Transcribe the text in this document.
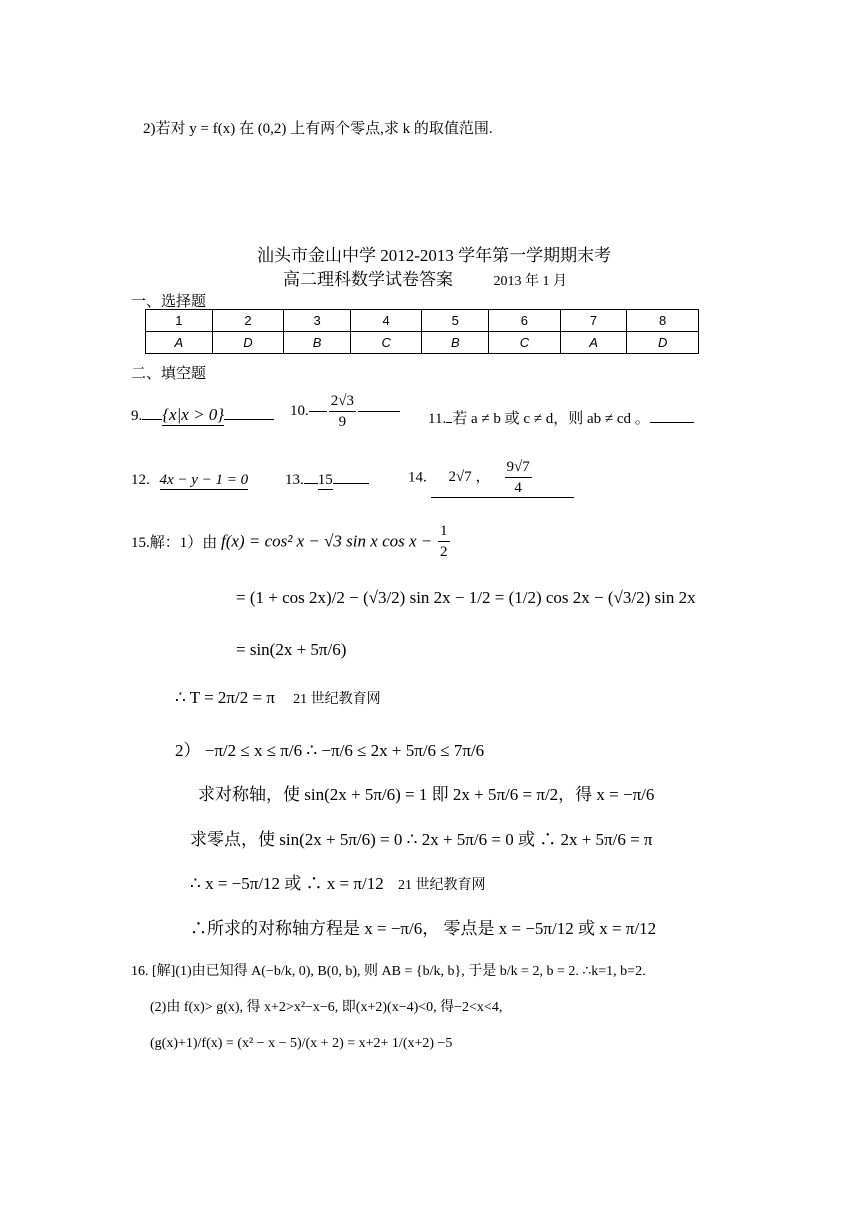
2)若对 y = f(x) 在 (0,2) 上有两个零点,求 k 的取值范围.
汕头市金山中学 2012-2013 学年第一学期期末考
高二理科数学试卷答案	2013 年 1 月
一、选择题
1	2	3	4	5	6	7	8
A	D	B	C	B	C	A	D
二、填空题
9. {x|x > 0}	10. $\frac{2√3}{9}$	11. 若 a ≠ b 或 c ≠ d，则 ab ≠ cd 。
12. 4x − y − 1 = 0 13. 15	14. 2√7 ， $\frac{9√7}{4}$
15.解：1）由 f(x) = cos² x − √3 sin x $\cos x - \frac{1}{2}$
= (1 + cos 2x)/2 − (√3/2) sin 2x − 1/2 = (1/2) cos 2x − (√3/2) sin 2x
= sin(2x + 5π/6)
∴ T = 2π/2 = π 21 世纪教育网
2） −π/2 ≤ x ≤ π/6 ∴ −π/6 ≤ 2x + 5π/6 ≤ 7π/6
求对称轴，使 sin(2x + 5π/6) = 1 即 2x + 5π/6 = π/2，得 x = −π/6
求零点，使 sin(2x + 5π/6) = 0 ∴ 2x + 5π/6 = 0 或 ∴ 2x + 5π/6 = π
∴ x = −5π/12 或 ∴ x = π/12 21 世纪教育网
∴所求的对称轴方程是 x = −π/6， 零点是 x = −5π/12 或 x = π/12
16. [解](1)由已知得 A(−b/k, 0), B(0, b), 则 AB = {b/k, b}, 于是 b/k = 2, b = 2. ∴k=1, b=2.
(2)由 f(x)> g(x), 得 x+2>x²−x−6, 即(x+2)(x−4)<0, 得−2<x<4,
(g(x)+1)/f(x) = (x² − x − 5)/(x + 2) = x+2+ 1/(x+2) −5
